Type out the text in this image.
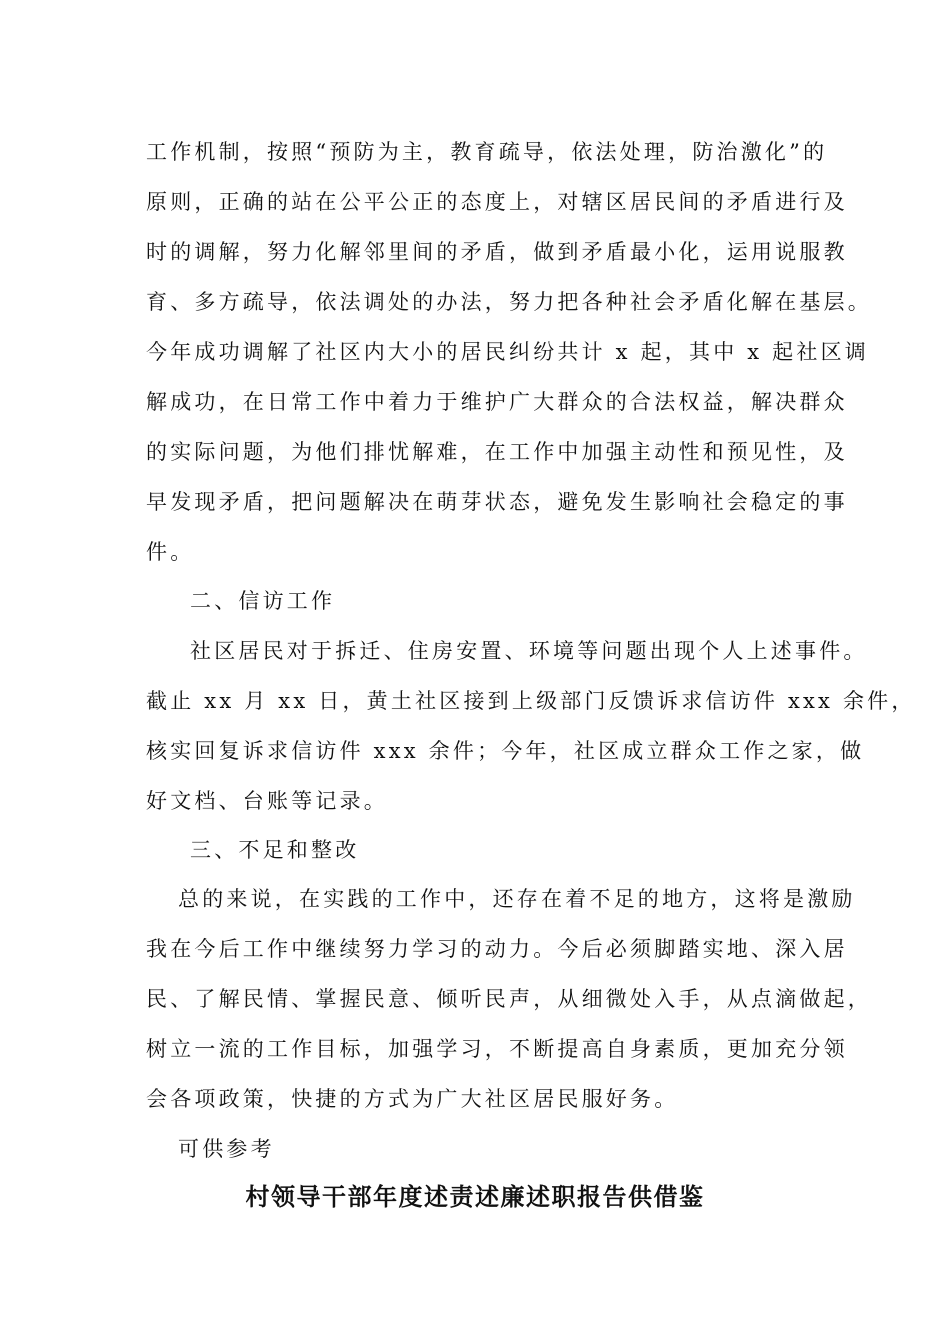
工作机制，按照“预防为主，教育疏导，依法处理，防治激化”的
原则，正确的站在公平公正的态度上，对辖区居民间的矛盾进行及
时的调解，努力化解邻里间的矛盾，做到矛盾最小化，运用说服教
育、多方疏导，依法调处的办法，努力把各种社会矛盾化解在基层。
今年成功调解了社区内大小的居民纠纷共计 x 起，其中 x 起社区调
解成功，在日常工作中着力于维护广大群众的合法权益，解决群众
的实际问题，为他们排忧解难，在工作中加强主动性和预见性，及
早发现矛盾，把问题解决在萌芽状态，避免发生影响社会稳定的事
件。
二、信访工作
社区居民对于拆迁、住房安置、环境等问题出现个人上述事件。
截止 xx 月 xx 日，黄土社区接到上级部门反馈诉求信访件 xxx 余件，
核实回复诉求信访件 xxx 余件；今年，社区成立群众工作之家，做
好文档、台账等记录。
三、不足和整改
总的来说，在实践的工作中，还存在着不足的地方，这将是激励
我在今后工作中继续努力学习的动力。今后必须脚踏实地、深入居
民、了解民情、掌握民意、倾听民声，从细微处入手，从点滴做起，
树立一流的工作目标，加强学习，不断提高自身素质，更加充分领
会各项政策，快捷的方式为广大社区居民服好务。
可供参考
村领导干部年度述责述廉述职报告供借鉴
